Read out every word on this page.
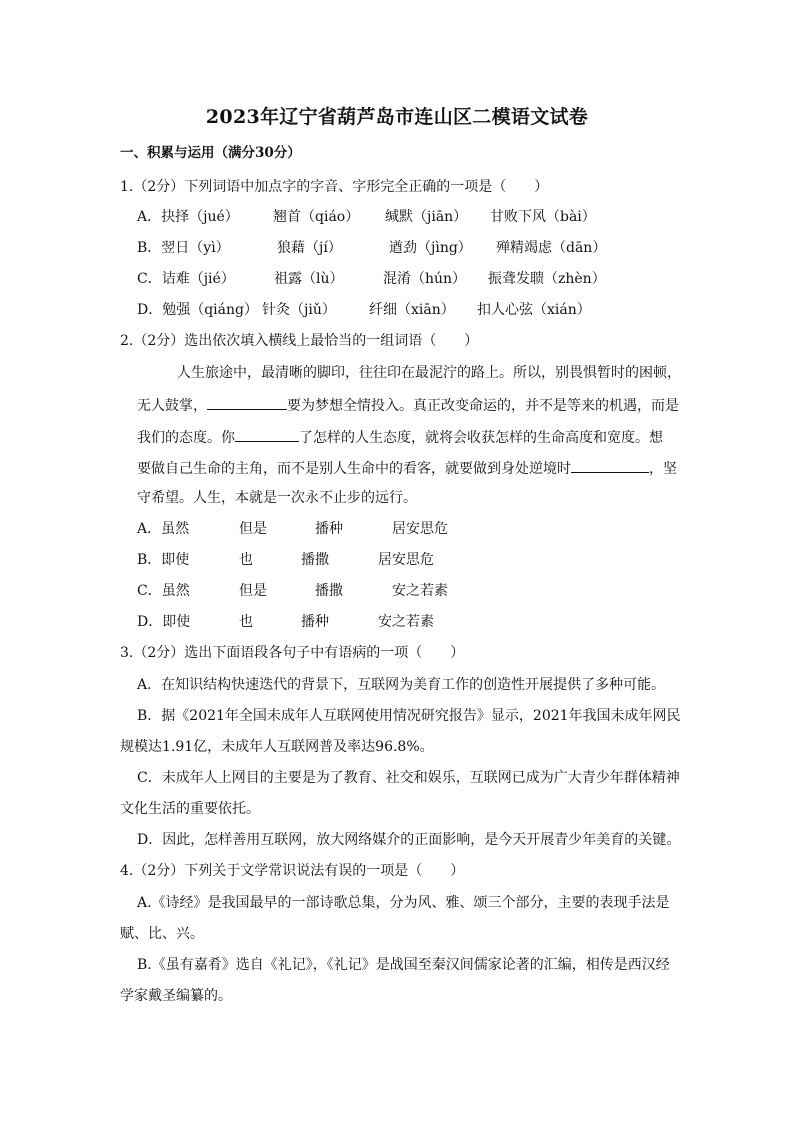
2023年辽宁省葫芦岛市连山区二模语文试卷
一、积累与运用（满分30分）
1.（2分）下列词语中加点字的字音、字形完全正确的一项是（　　）
A．抉择（jué） 翘首（qiáo） 缄默（jiān） 甘败下风（bài）
B．翌日（yì）	狼藉（jí）	遒劲（jìng） 殚精竭虑（dān）
C．诘难（jié）	祖露（lù）	混淆（hún） 振聋发聩（zhèn）
D．勉强（qiáng） 针灸（jiǔ） 纤细（xiān） 扣人心弦（xián）
2.（2分）选出依次填入横线上最恰当的一组词语（　　）
人生旅途中，最清晰的脚印，往往印在最泥泞的路上。所以，别畏惧暂时的困顿，
无人鼓掌，	要为梦想全情投入。真正改变命运的，并不是等来的机遇，而是
我们的态度。你	了怎样的人生态度，就将会收获怎样的生命高度和宽度。想
要做自己生命的主角，而不是别人生命中的看客，就要做到身处逆境时	，坚
守希望。人生，本就是一次永不止步的远行。
A．虽然	但是	播种	居安思危
B．即使	也	播撒	居安思危
C．虽然	但是	播撒	安之若素
D．即使	也	播种	安之若素
3.（2分）选出下面语段各句子中有语病的一项（　　）
A．在知识结构快速迭代的背景下，互联网为美育工作的创造性开展提供了多种可能。
B．据《2021年全国未成年人互联网使用情况研究报告》显示，2021年我国未成年网民
规模达1.91亿，未成年人互联网普及率达96.8%。
C．未成年人上网目的主要是为了教育、社交和娱乐，互联网已成为广大青少年群体精神
文化生活的重要依托。
D．因此，怎样善用互联网，放大网络媒介的正面影响，是今天开展青少年美育的关键。
4.（2分）下列关于文学常识说法有误的一项是（　　）
A.《诗经》是我国最早的一部诗歌总集，分为风、雅、颂三个部分，主要的表现手法是
赋、比、兴。
B.《虽有嘉肴》选自《礼记》，《礼记》是战国至秦汉间儒家论著的汇编，相传是西汉经
学家戴圣编纂的。
